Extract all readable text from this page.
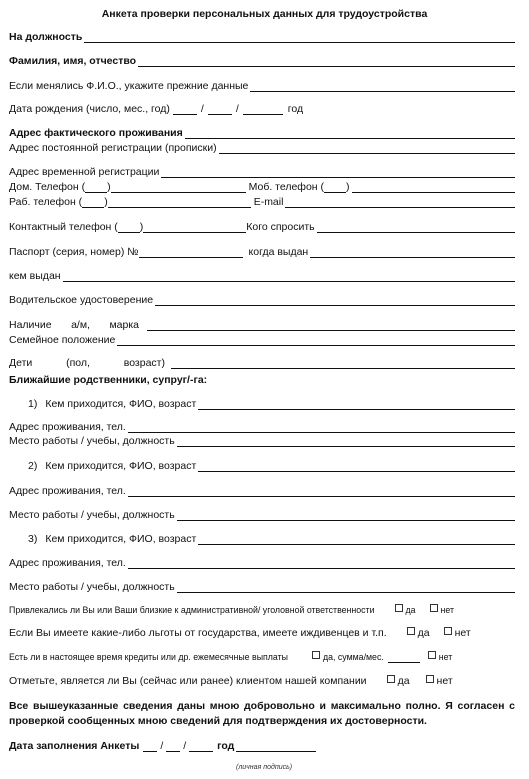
Анкета проверки персональных данных для трудоустройства
На должность
Фамилия, имя, отчество
Если менялись Ф.И.О., укажите прежние данные
Дата рождения (число, мес., год)	/	/	год
Адрес фактического проживания
Адрес постоянной регистрации (прописки)
Адрес временной регистрации
Дом. Телефон ( )	Моб. телефон ( )
Раб. телефон ( )	E-mail
Контактный телефон ( )	Кого спросить
Паспорт (серия, номер) №	когда выдан
кем выдан
Водительское удостоверение
Наличие а/м, марка
Семейное положение
Дети	(пол,	возраст)
Ближайшие родственники, супруг/-га:
1) Кем приходится, ФИО, возраст
Адрес проживания, тел.
Место работы / учебы, должность
2) Кем приходится, ФИО, возраст
Адрес проживания, тел.
Место работы / учебы, должность
3) Кем приходится, ФИО, возраст
Адрес проживания, тел.
Место работы / учебы, должность
Привлекались ли Вы или Ваши близкие к административной/ уголовной ответственности	да	нет
Если Вы имеете какие-либо льготы от государства, имеете иждивенцев и т.п.	да	нет
Есть ли в настоящее время кредиты или др. ежемесячные выплаты	да, сумма/мес.	нет
Отметьте, является ли Вы (сейчас или ранее) клиентом нашей компании	да	нет
Все вышеуказанные сведения даны мною добровольно и максимально полно. Я согласен с проверкой сообщенных мною сведений для подтверждения их достоверности.
Дата заполнения Анкеты / /	год
(личная подпись)
